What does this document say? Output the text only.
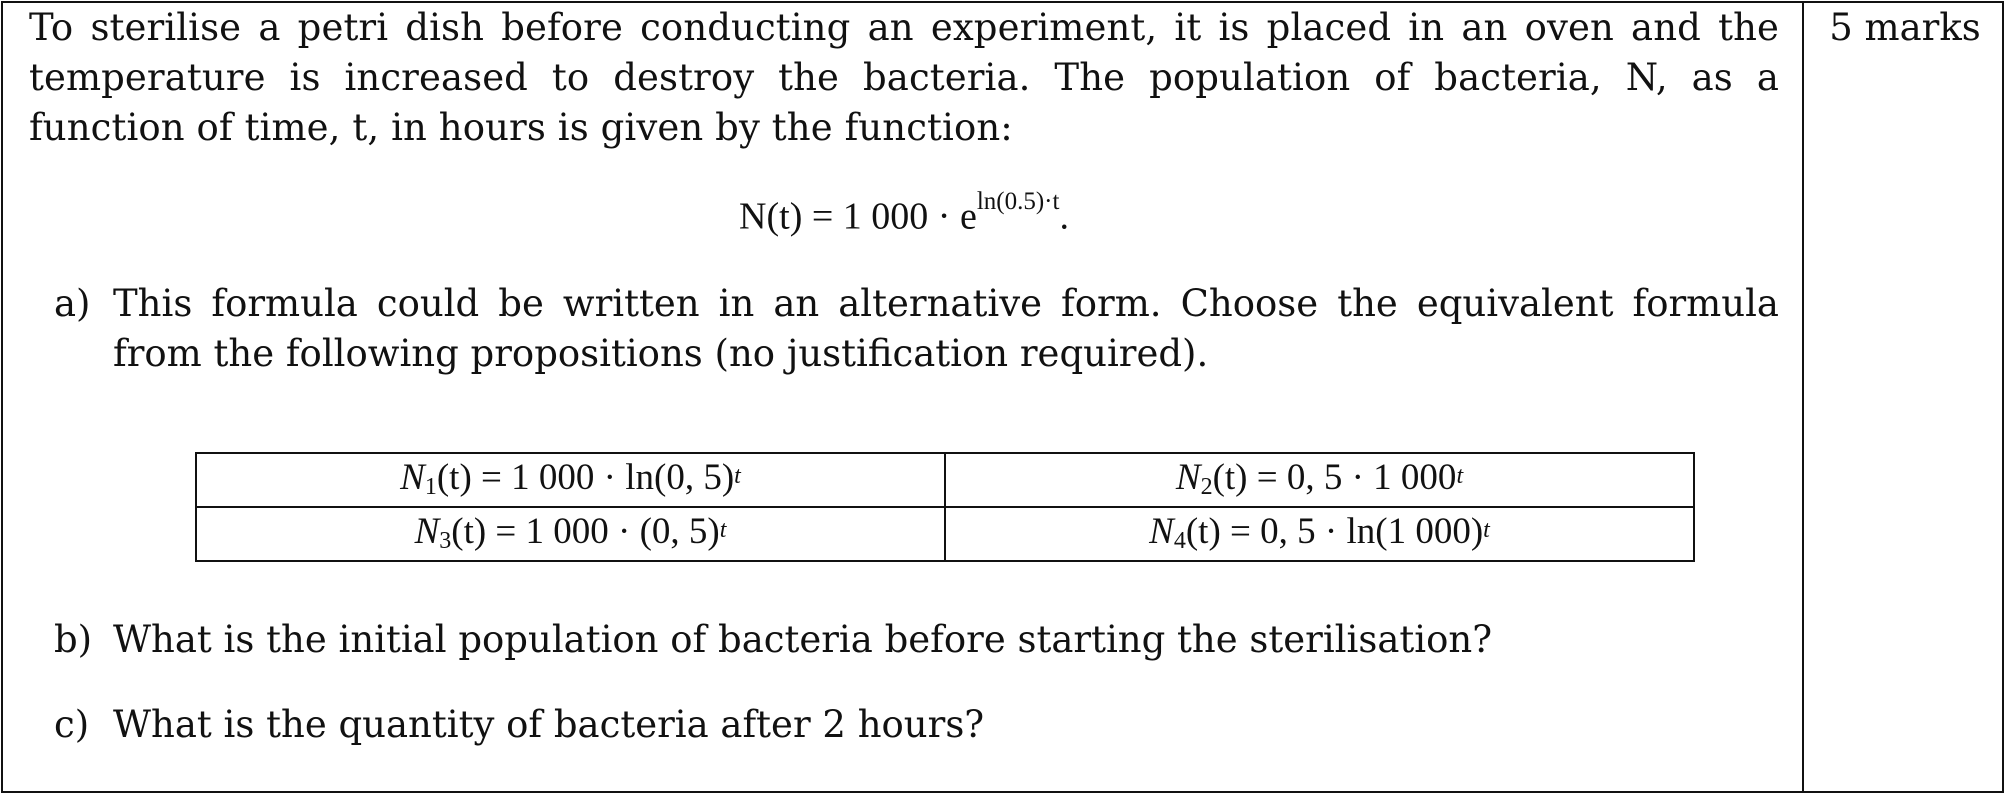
To sterilise a petri dish before conducting an experiment, it is placed in an oven and the temperature is increased to destroy the bacteria. The population of bacteria, N, as a function of time, t, in hours is given by the function:

N(t) = 1 $000 \cdot e^{ln(0.5)\cdot t}$.
a) This formula could be written in an alternative form. Choose the equivalent formula from the following propositions (no justification required).
b) What is the initial population of bacteria before starting the sterilisation?
c) What is the quantity of bacteria after 2 hours?
$N_1(t) = 1$ 000 · ln(0, 5)$^t$	$N_2(t) = 0$, 5 · 1 000$^t$
$N_3(t) = 1$ 000 · (0, 5)$^t$	$N_4(t) = 0$, 5 · ln(1 000)$^t$
5 marks
